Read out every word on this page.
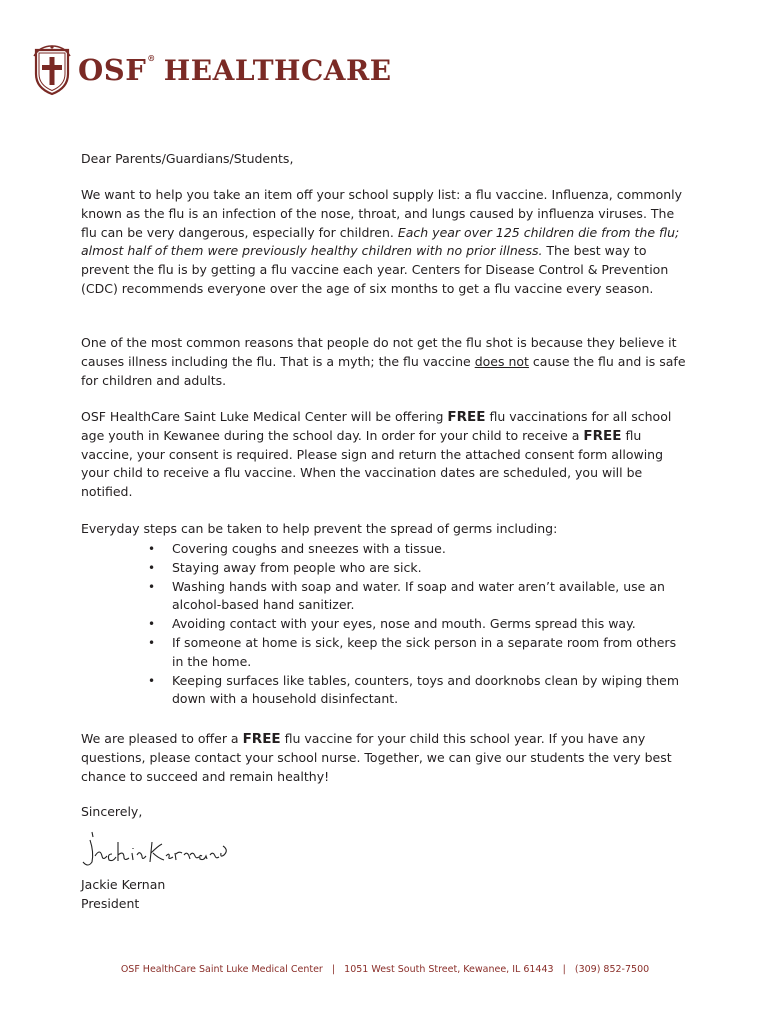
OSF® HEALTHCARE

Dear Parents/Guardians/Students,

We want to help you take an item off your school supply list: a flu vaccine. Influenza, commonly known as the flu is an infection of the nose, throat, and lungs caused by influenza viruses. The flu can be very dangerous, especially for children. Each year over 125 children die from the flu; almost half of them were previously healthy children with no prior illness. The best way to prevent the flu is by getting a flu vaccine each year. Centers for Disease Control & Prevention (CDC) recommends everyone over the age of six months to get a flu vaccine every season.

One of the most common reasons that people do not get the flu shot is because they believe it causes illness including the flu. That is a myth; the flu vaccine does not cause the flu and is safe for children and adults.

OSF HealthCare Saint Luke Medical Center will be offering FREE flu vaccinations for all school age youth in Kewanee during the school day. In order for your child to receive a FREE flu vaccine, your consent is required. Please sign and return the attached consent form allowing your child to receive a flu vaccine. When the vaccination dates are scheduled, you will be notified.

Everyday steps can be taken to help prevent the spread of germs including:

• Covering coughs and sneezes with a tissue.
• Staying away from people who are sick.
• Washing hands with soap and water. If soap and water aren’t available, use an alcohol-based hand sanitizer.
• Avoiding contact with your eyes, nose and mouth. Germs spread this way.
• If someone at home is sick, keep the sick person in a separate room from others in the home.
• Keeping surfaces like tables, counters, toys and doorknobs clean by wiping them down with a household disinfectant.

We are pleased to offer a FREE flu vaccine for your child this school year. If you have any questions, please contact your school nurse. Together, we can give our students the very best chance to succeed and remain healthy!

Sincerely,

Jackie Kernan

President

OSF HealthCare Saint Luke Medical Center   |   1051 West South Street, Kewanee, IL 61443   |   (309) 852-7500
